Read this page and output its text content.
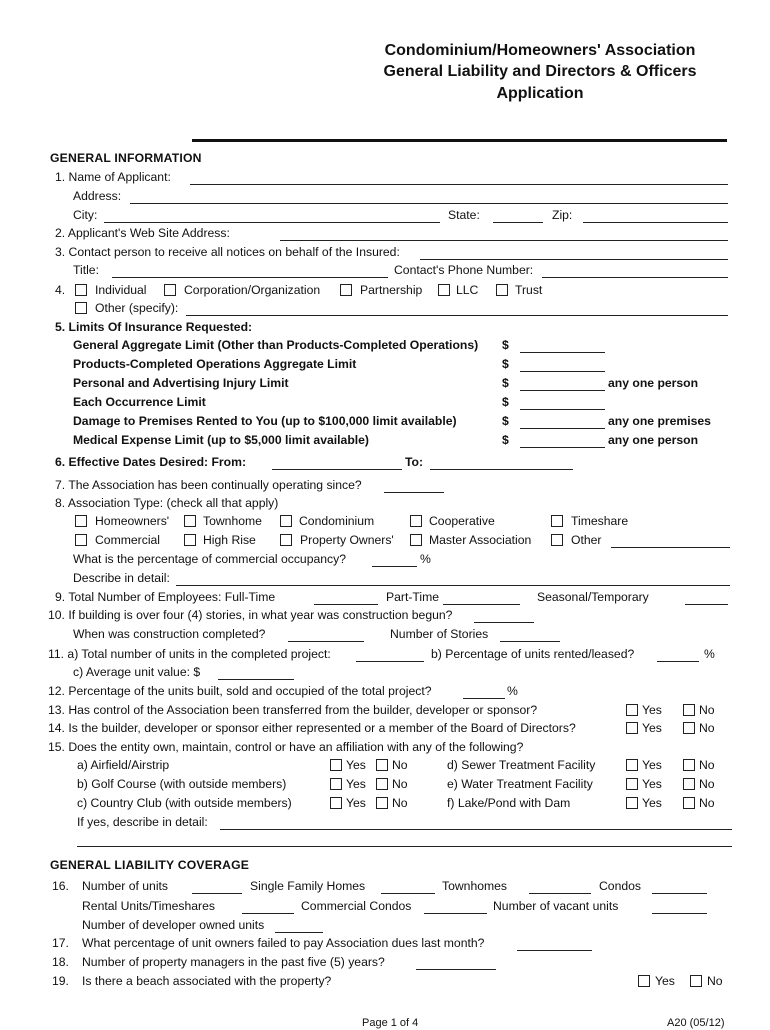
Condominium/Homeowners' Association
General Liability and Directors & Officers
Application
GENERAL INFORMATION
1. Name of Applicant:
Address:
City:	State:	Zip:
2. Applicant's Web Site Address:
3. Contact person to receive all notices on behalf of the Insured:
Title:	Contact's Phone Number:
4. Individual	Corporation/Organization	Partnership	LLC	Trust
Other (specify):
5. Limits Of Insurance Requested:
General Aggregate Limit (Other than Products-Completed Operations) $
Products-Completed Operations Aggregate Limit	$
Personal and Advertising Injury Limit	$	any one person
Each Occurrence Limit	$
Damage to Premises Rented to You (up to $100,000 limit available)	$	any one premises
Medical Expense Limit (up to $5,000 limit available)	$	any one person
6. Effective Dates Desired: From:	To:
7. The Association has been continually operating since?
8. Association Type: (check all that apply)
Homeowners'	Townhome	Condominium	Cooperative	Timeshare
Commercial	High Rise	Property Owners'	Master Association	Other
What is the percentage of commercial occupancy?	%
Describe in detail:
9. Total Number of Employees: Full-Time	Part-Time	Seasonal/Temporary
10. If building is over four (4) stories, in what year was construction begun?
When was construction completed?	Number of Stories
11. a) Total number of units in the completed project:	b) Percentage of units rented/leased?	%
c) Average unit value: $
12. Percentage of the units built, sold and occupied of the total project?	%
13. Has control of the Association been transferred from the builder, developer or sponsor?	Yes	No
14. Is the builder, developer or sponsor either represented or a member of the Board of Directors?	Yes	No
15. Does the entity own, maintain, control or have an affiliation with any of the following?
a) Airfield/Airstrip	Yes No	d) Sewer Treatment Facility	Yes	No
b) Golf Course (with outside members)	Yes No	e) Water Treatment Facility	Yes	No
c) Country Club (with outside members)	Yes No	f) Lake/Pond with Dam	Yes	No
If yes, describe in detail:
GENERAL LIABILITY COVERAGE
16. Number of units	Single Family Homes	Townhomes	Condos
Rental Units/Timeshares	Commercial Condos	Number of vacant units
Number of developer owned units
17. What percentage of unit owners failed to pay Association dues last month?
18. Number of property managers in the past five (5) years?
19. Is there a beach associated with the property?	Yes	No
Page 1 of 4	A20 (05/12)
